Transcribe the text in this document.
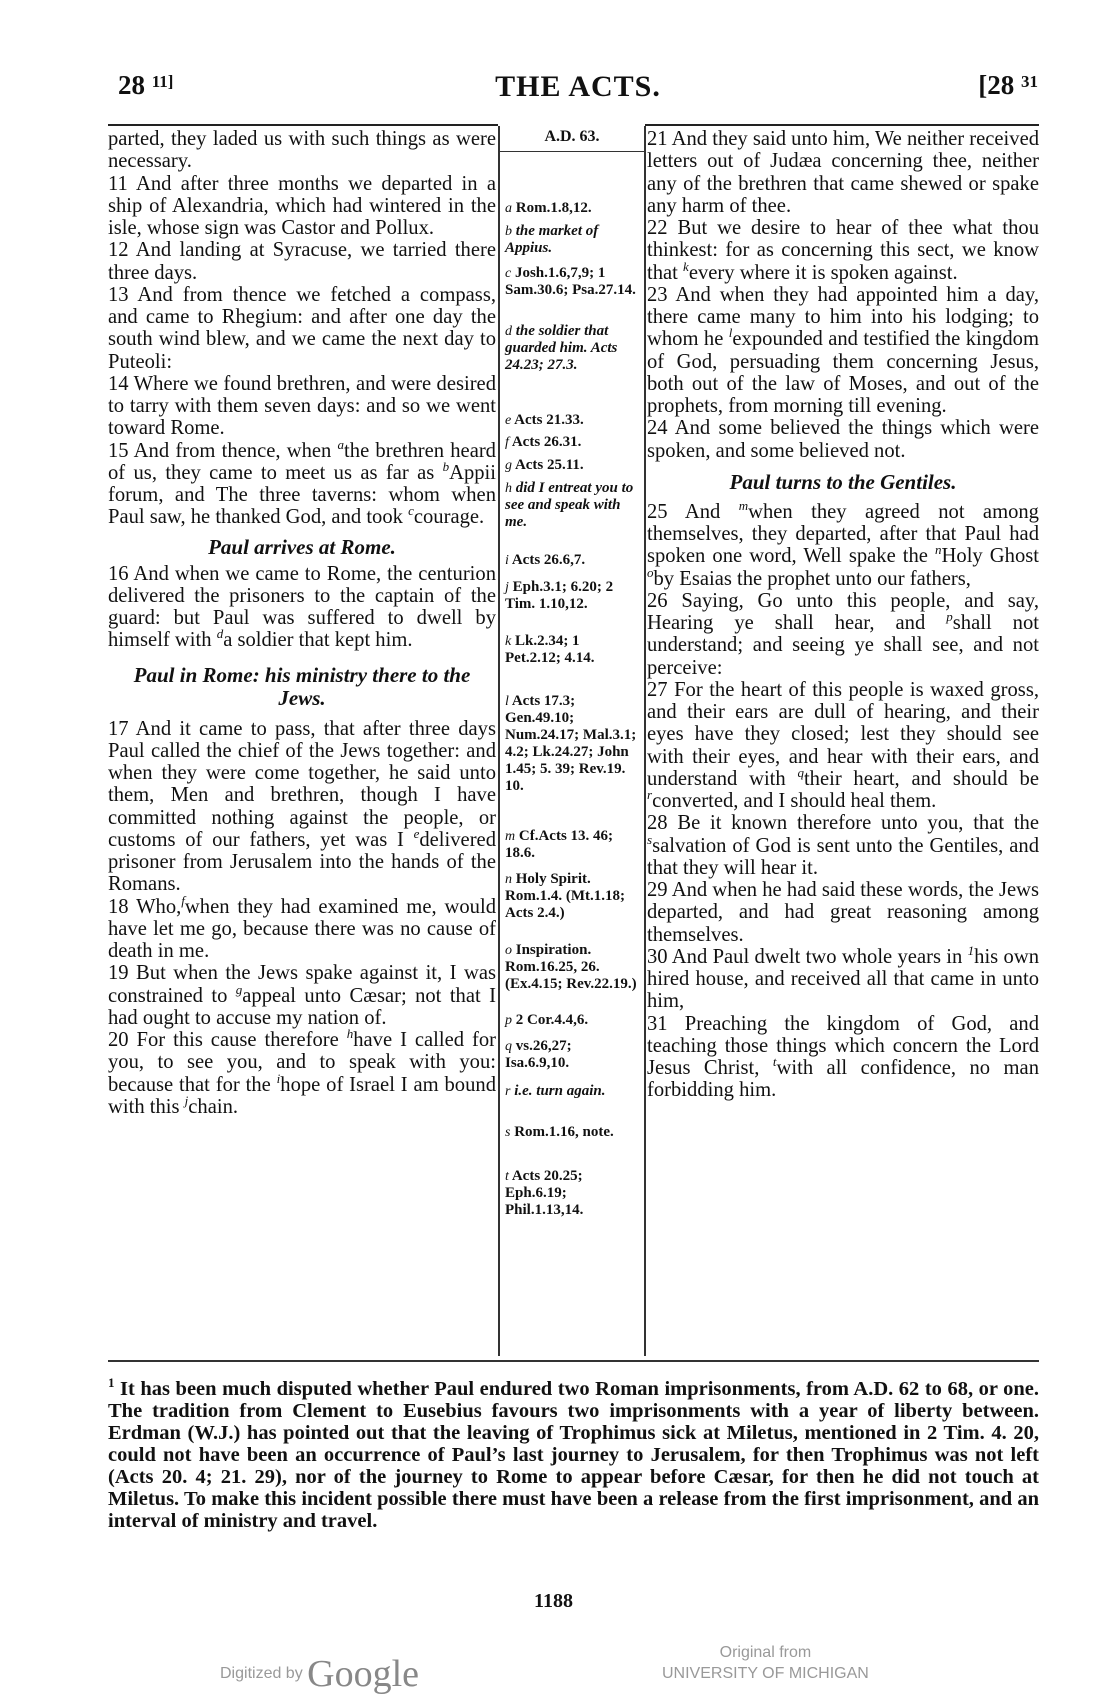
28 $^{11]}$	THE ACTS.	[28 $^{31}$

parted, they laded us with such things as were necessary.

11 And after three months we departed in a ship of Alexandria, which had wintered in the isle, whose sign was Castor and Pollux.

12 And landing at Syracuse, we tarried there three days.

13 And from thence we fetched a compass, and came to Rhegium: and after one day the south wind blew, and we came the next day to Puteoli:

14 Where we found brethren, and were desired to tarry with them seven days: and so we went toward Rome.

15 And from thence, when $^a$the brethren heard of us, they came to meet us as far as $^b$Appii forum, and The three taverns: whom when Paul saw, he thanked God, and took $^c$courage.

Paul arrives at Rome.

16 And when we came to Rome, the centurion delivered the prisoners to the captain of the guard: but Paul was suffered to dwell by himself with $^d$a soldier that kept him.

Paul in Rome: his ministry there to the Jews.

17 And it came to pass, that after three days Paul called the chief of the Jews together: and when they were come together, he said unto them, Men and brethren, though I have committed nothing against the people, or customs of our fathers, yet was I $^e$delivered prisoner from Jerusalem into the hands of the Romans.

18 Who,$^f$when they had examined me, would have let me go, because there was no cause of death in me.

19 But when the Jews spake against it, I was constrained to $^g$appeal unto Cæsar; not that I had ought to accuse my nation of.

20 For this cause therefore $^h$have I called for you, to see you, and to speak with you: because that for the $^i$hope of Israel I am bound with this $^j$chain.

A.D. 63.
a Rom.1.8,12.
b the market of Appius.
c Josh.1.6,7,9; 1 Sam.30.6; Psa.27.14.
d the soldier that guarded him. Acts 24.23; 27.3.
e Acts 21.33.
f Acts 26.31.
g Acts 25.11.
h did I entreat you to see and speak with me.
i Acts 26.6,7.
j Eph.3.1; 6.20; 2 Tim. 1.10,12.
k Lk.2.34; 1 Pet.2.12; 4.14.
l Acts 17.3; Gen.49.10; Num.24.17; Mal.3.1; 4.2; Lk.24.27; John 1.45; 5. 39; Rev.19. 10.
m Cf.Acts 13. 46; 18.6.
n Holy Spirit. Rom.1.4. (Mt.1.18; Acts 2.4.)
o Inspiration. Rom.16.25, 26. (Ex.4.15; Rev.22.19.)
p 2 Cor.4.4,6.
q vs.26,27; Isa.6.9,10.
r i.e. turn again.
s Rom.1.16, note.
t Acts 20.25; Eph.6.19; Phil.1.13,14.

21 And they said unto him, We neither received letters out of Judæa concerning thee, neither any of the brethren that came shewed or spake any harm of thee.

22 But we desire to hear of thee what thou thinkest: for as concerning this sect, we know that $^k$every where it is spoken against.

23 And when they had appointed him a day, there came many to him into his lodging; to whom he $^l$expounded and testified the kingdom of God, persuading them concerning Jesus, both out of the law of Moses, and out of the prophets, from morning till evening.

24 And some believed the things which were spoken, and some believed not.

Paul turns to the Gentiles.

25 And $^m$when they agreed not among themselves, they departed, after that Paul had spoken one word, Well spake the $^n$Holy Ghost $^o$by Esaias the prophet unto our fathers,

26 Saying, Go unto this people, and say, Hearing ye shall hear, and $^p$shall not understand; and seeing ye shall see, and not perceive:

27 For the heart of this people is waxed gross, and their ears are dull of hearing, and their eyes have they closed; lest they should see with their eyes, and hear with their ears, and understand with $^q$their heart, and should be $^r$converted, and I should heal them.

28 Be it known therefore unto you, that the $^s$salvation of God is sent unto the Gentiles, and that they will hear it.

29 And when he had said these words, the Jews departed, and had great reasoning among themselves.

30 And Paul dwelt two whole years in $^1$his own hired house, and received all that came in unto him,

31 Preaching the kingdom of God, and teaching those things which concern the Lord Jesus Christ, $^t$with all confidence, no man forbidding him.

$^1$ It has been much disputed whether Paul endured two Roman imprisonments, from A.D. 62 to 68, or one. The tradition from Clement to Eusebius favours two imprisonments with a year of liberty between. Erdman (W.J.) has pointed out that the leaving of Trophimus sick at Miletus, mentioned in 2 Tim. 4. 20, could not have been an occurrence of Paul’s last journey to Jerusalem, for then Trophimus was not left (Acts 20. 4; 21. 29), nor of the journey to Rome to appear before Cæsar, for then he did not touch at Miletus. To make this incident possible there must have been a release from the first imprisonment, and an interval of ministry and travel.
1188
Digitized by Google
Original from
UNIVERSITY OF MICHIGAN
